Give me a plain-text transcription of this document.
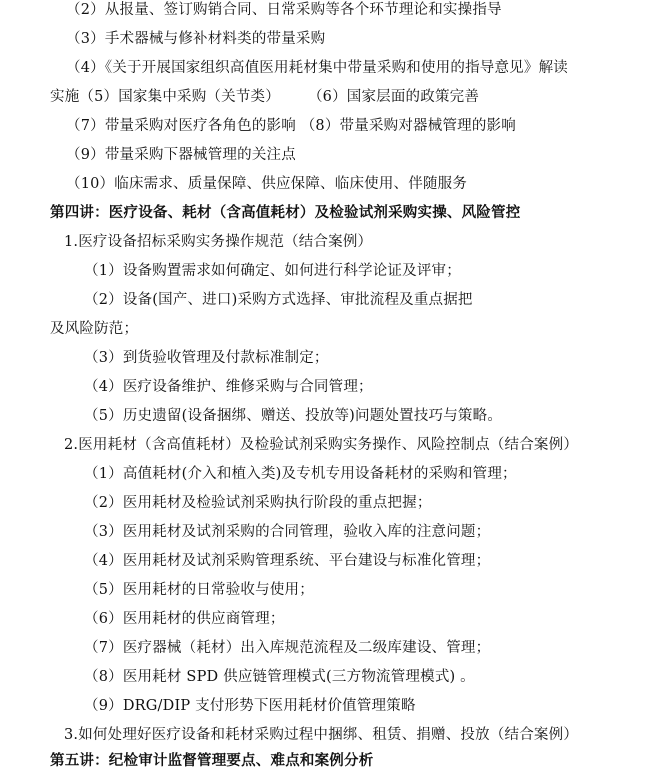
（2）从报量、签订购销合同、日常采购等各个环节理论和实操指导
（3）手术器械与修补材料类的带量采购
（4）《关于开展国家组织高值医用耗材集中带量采购和使用的指导意见》解读
实施（5）国家集中采购（关节类） （6）国家层面的政策完善
（7）带量采购对医疗各角色的影响 （8）带量采购对器械管理的影响
（9）带量采购下器械管理的关注点
（10）临床需求、质量保障、供应保障、临床使用、伴随服务
第四讲：医疗设备、耗材（含高值耗材）及检验试剂采购实操、风险管控
1.医疗设备招标采购实务操作规范（结合案例）
（1）设备购置需求如何确定、如何进行科学论证及评审；
（2）设备(国产、进口)采购方式选择、审批流程及重点据把
及风险防范；
（3）到货验收管理及付款标准制定；
（4）医疗设备维护、维修采购与合同管理；
（5）历史遗留(设备捆绑、赠送、投放等)问题处置技巧与策略。
2.医用耗材（含高值耗材）及检验试剂采购实务操作、风险控制点（结合案例）
（1）高值耗材(介入和植入类)及专机专用设备耗材的采购和管理；
（2）医用耗材及检验试剂采购执行阶段的重点把握；
（3）医用耗材及试剂采购的合同管理，验收入库的注意问题；
（4）医用耗材及试剂采购管理系统、平台建设与标准化管理；
（5）医用耗材的日常验收与使用；
（6）医用耗材的供应商管理；
（7）医疗器械（耗材）出入库规范流程及二级库建设、管理；
（8）医用耗材 SPD 供应链管理模式(三方物流管理模式) 。
（9）DRG/DIP 支付形势下医用耗材价值管理策略
3.如何处理好医疗设备和耗材采购过程中捆绑、租赁、捐赠、投放（结合案例）
第五讲：纪检审计监督管理要点、难点和案例分析
